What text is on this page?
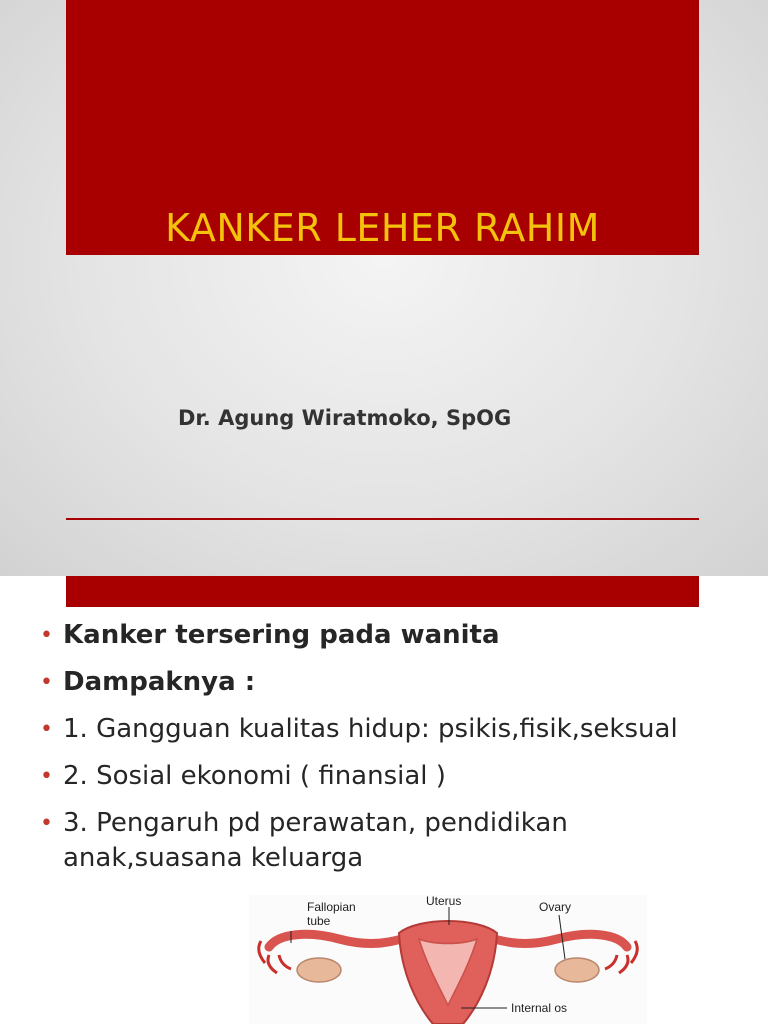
KANKER LEHER RAHIM
Dr. Agung Wiratmoko, SpOG
• Kanker tersering pada wanita
• Dampaknya :
• 1. Gangguan kualitas hidup: psikis,fisik,seksual
• 2. Sosial ekonomi ( finansial )
• 3. Pengaruh pd perawatan, pendidikan anak,suasana keluarga
Fallopian
tube
Uterus	Ovary
Internal os
